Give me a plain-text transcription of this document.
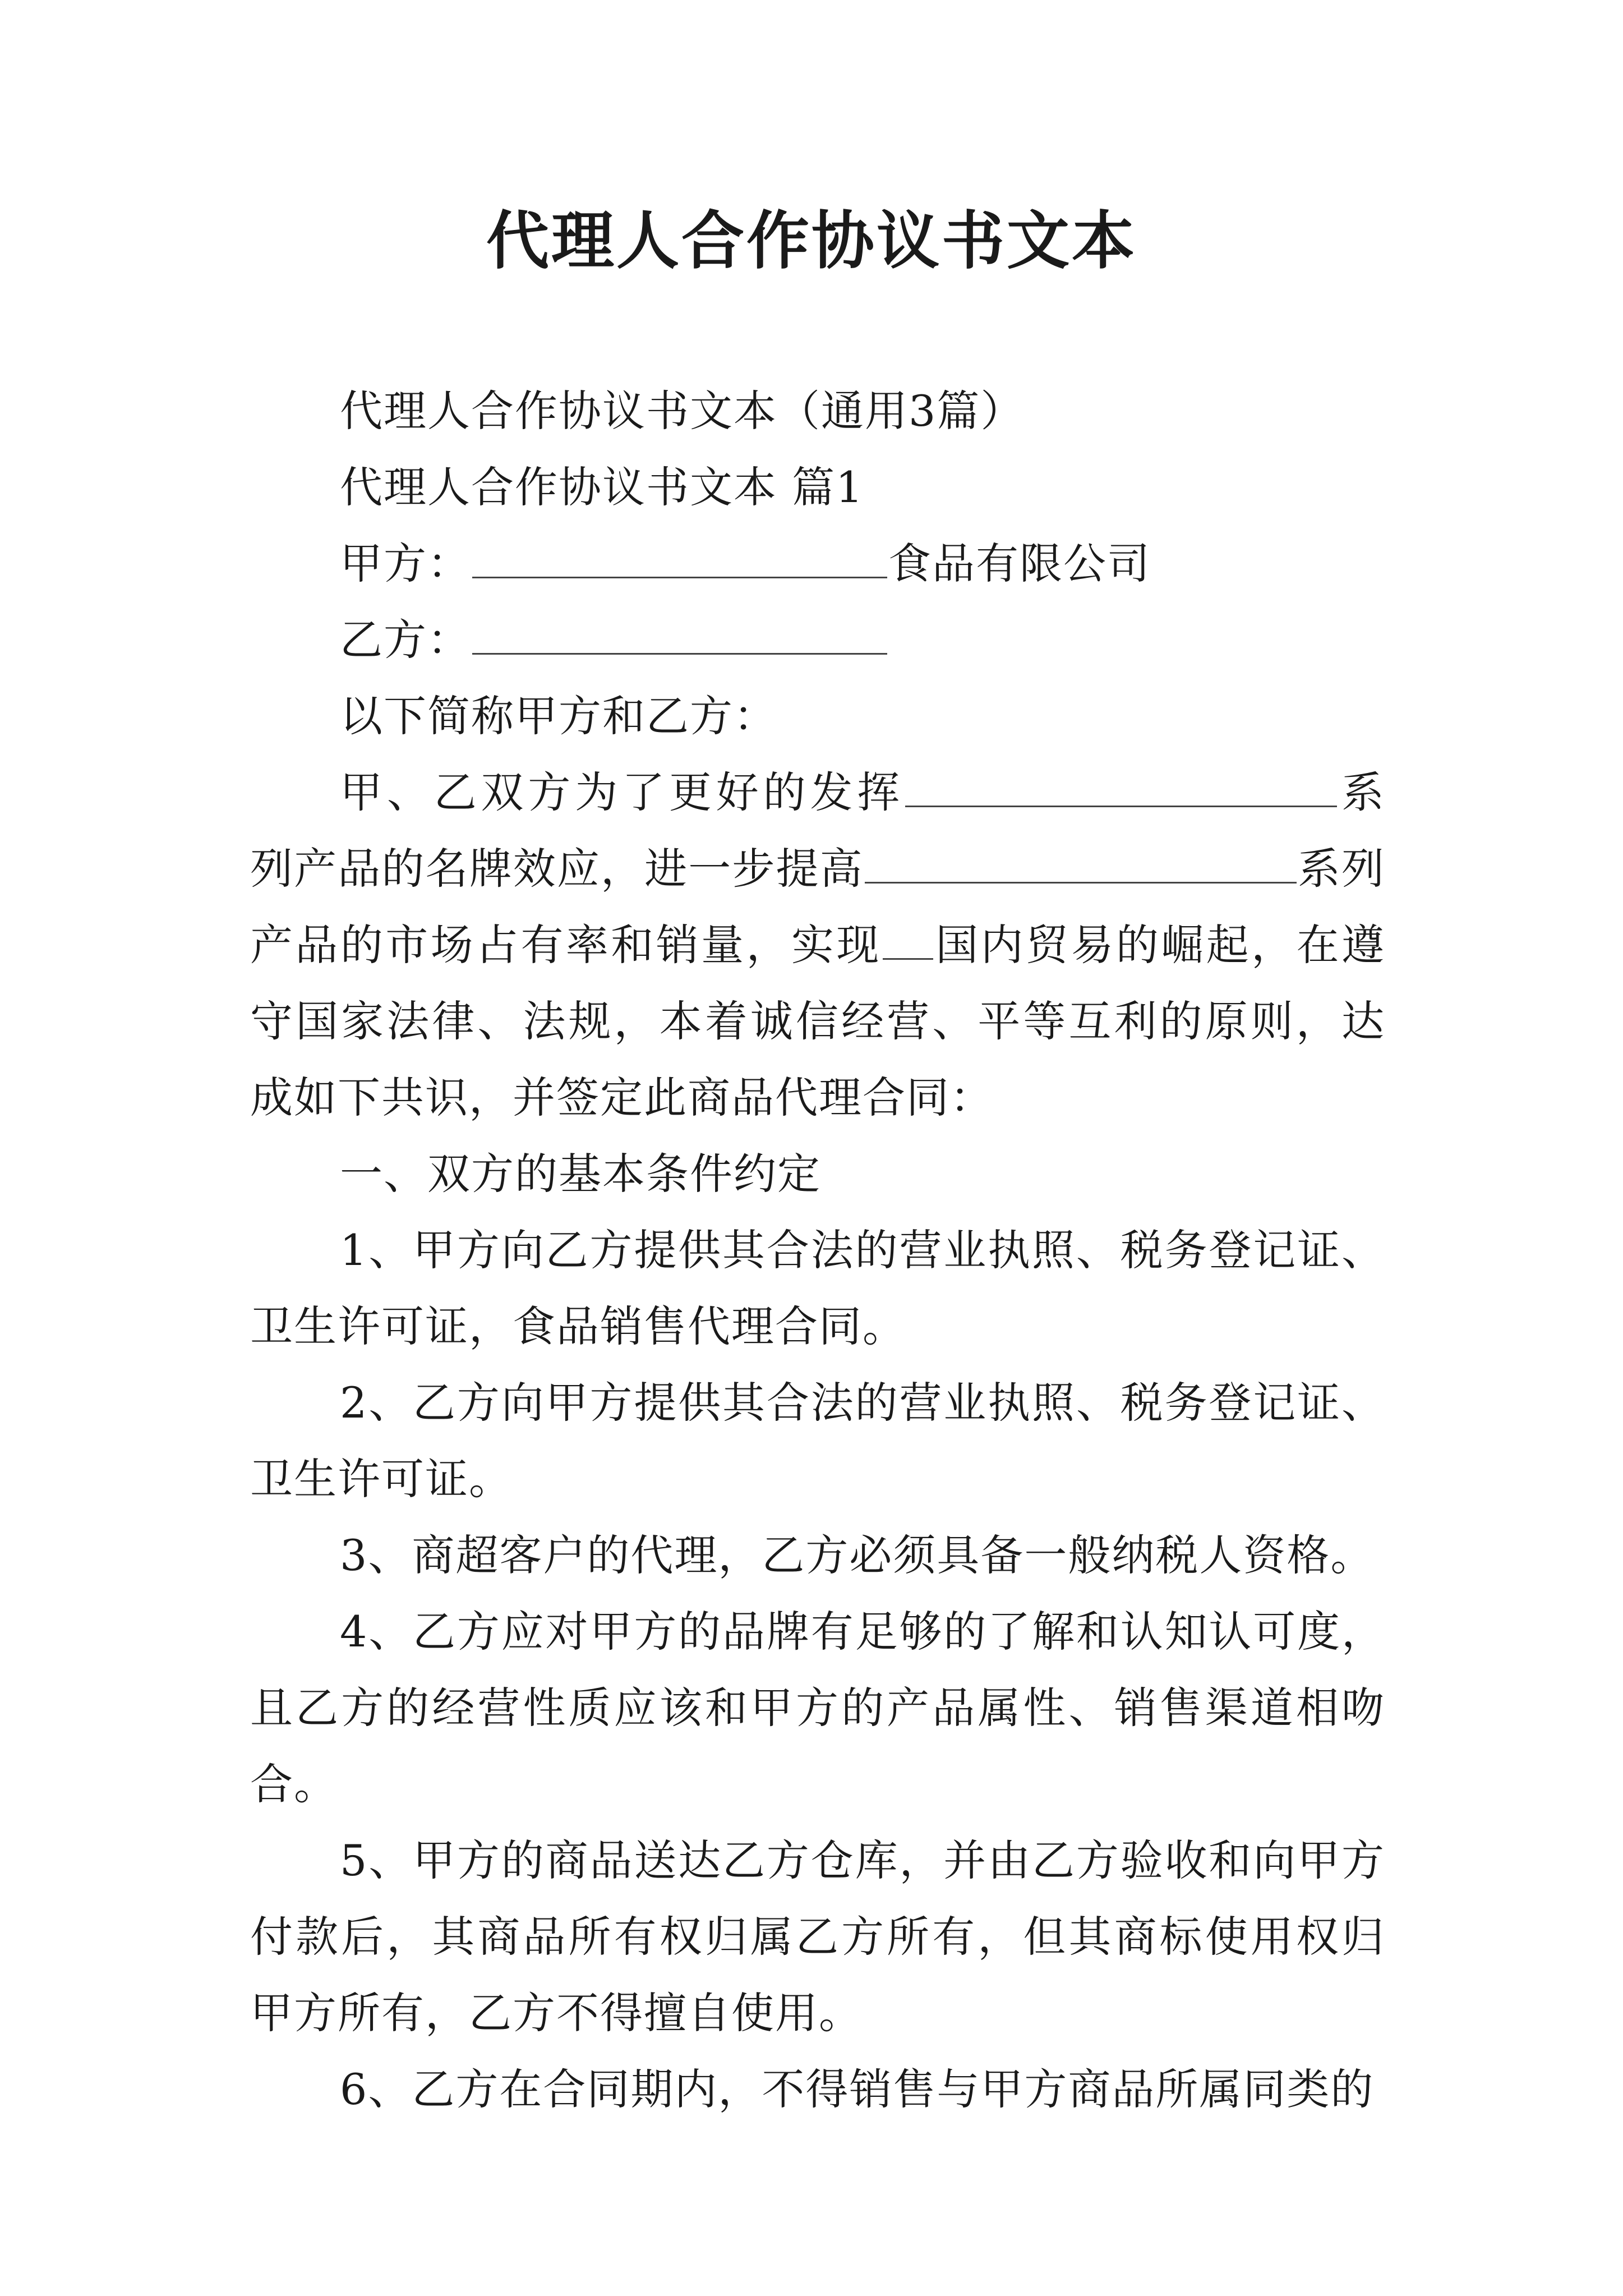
代理人合作协议书文本

代理人合作协议书文本（通用3篇）

代理人合作协议书文本 篇1

甲方：	食品有限公司

乙方：

以下简称甲方和乙方：

甲、乙双方为了更好的发挥	系列产品的名牌效应，进一步提高	系列产品的市场占有率和销量，实现 国内贸易的崛起，在遵守国家法律、法规，本着诚信经营、平等互利的原则，达成如下共识，并签定此商品代理合同：

一、双方的基本条件约定

1、甲方向乙方提供其合法的营业执照、税务登记证、卫生许可证，食品销售代理合同。

2、乙方向甲方提供其合法的营业执照、税务登记证、卫生许可证。

3、商超客户的代理，乙方必须具备一般纳税人资格。

4、乙方应对甲方的品牌有足够的了解和认知认可度，且乙方的经营性质应该和甲方的产品属性、销售渠道相吻合。

5、甲方的商品送达乙方仓库，并由乙方验收和向甲方付款后，其商品所有权归属乙方所有，但其商标使用权归甲方所有，乙方不得擅自使用。

6、乙方在合同期内，不得销售与甲方商品所属同类的
